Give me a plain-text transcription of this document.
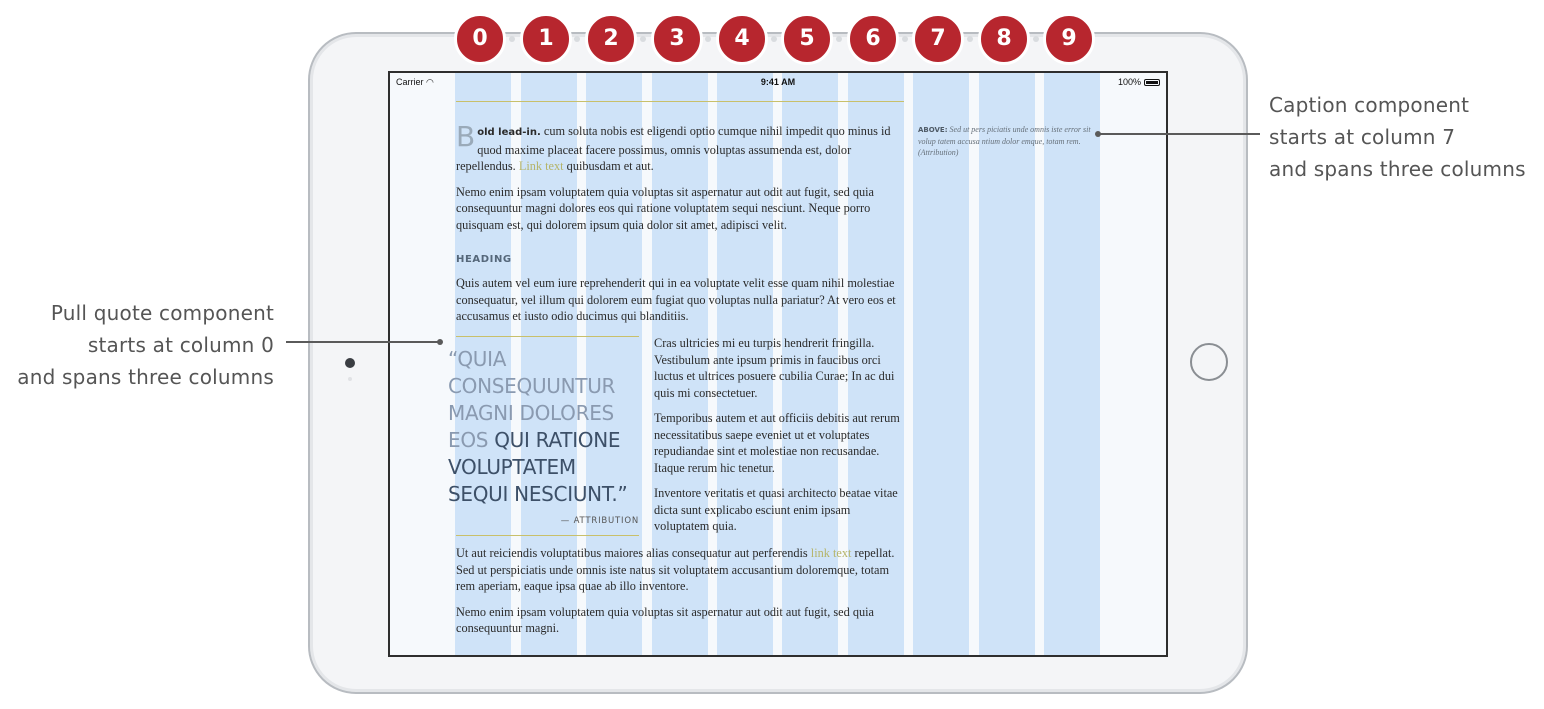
Pull quote component
starts at column 0
and spans three columns
Caption component
starts at column 7
and spans three columns
Carrier ◠	9:41 AM	100%

Bold lead-in. cum soluta nobis est eligendi optio cumque nihil impedit quo minus id quod maxime placeat facere possimus, omnis voluptas assumenda est, dolor repellendus. Link text quibusdam et aut.

Nemo enim ipsam voluptatem quia voluptas sit aspernatur aut odit aut fugit, sed quia consequuntur magni dolores eos qui ratione voluptatem sequi nesciunt. Neque porro quisquam est, qui dolorem ipsum quia dolor sit amet, adipisci velit.

HEADING
Quis autem vel eum iure reprehenderit qui in ea voluptate velit esse quam nihil molestiae consequatur, vel illum qui dolorem eum fugiat quo voluptas nulla pariatur? At vero eos et accusamus et iusto odio ducimus qui blanditiis.
“QUIA CONSEQUUNTUR MAGNI DOLORES EOS QUI RATIONE VOLUPTATEM SEQUI NESCIUNT.”
— ATTRIBUTION

Cras ultricies mi eu turpis hendrerit fringilla. Vestibulum ante ipsum primis in faucibus orci luctus et ultrices posuere cubilia Curae; In ac dui quis mi consectetuer.

Temporibus autem et aut officiis debitis aut rerum necessitatibus saepe eveniet ut et voluptates repudiandae sint et molestiae non recusandae. Itaque rerum hic tenetur.

Inventore veritatis et quasi architecto beatae vitae dicta sunt explicabo esciunt enim ipsam voluptatem quia.

Ut aut reiciendis voluptatibus maiores alias consequatur aut perferendis link text repellat. Sed ut perspiciatis unde omnis iste natus sit voluptatem accusantium doloremque, totam rem aperiam, eaque ipsa quae ab illo inventore.

Nemo enim ipsam voluptatem quia voluptas sit aspernatur aut odit aut fugit, sed quia consequuntur magni.

ABOVE: Sed ut pers piciatis unde omnis iste error sit volup tatem accusa ntium dolor emque, totam rem. (Attribution)
0	1	2	3	4	5	6	7	8	9
